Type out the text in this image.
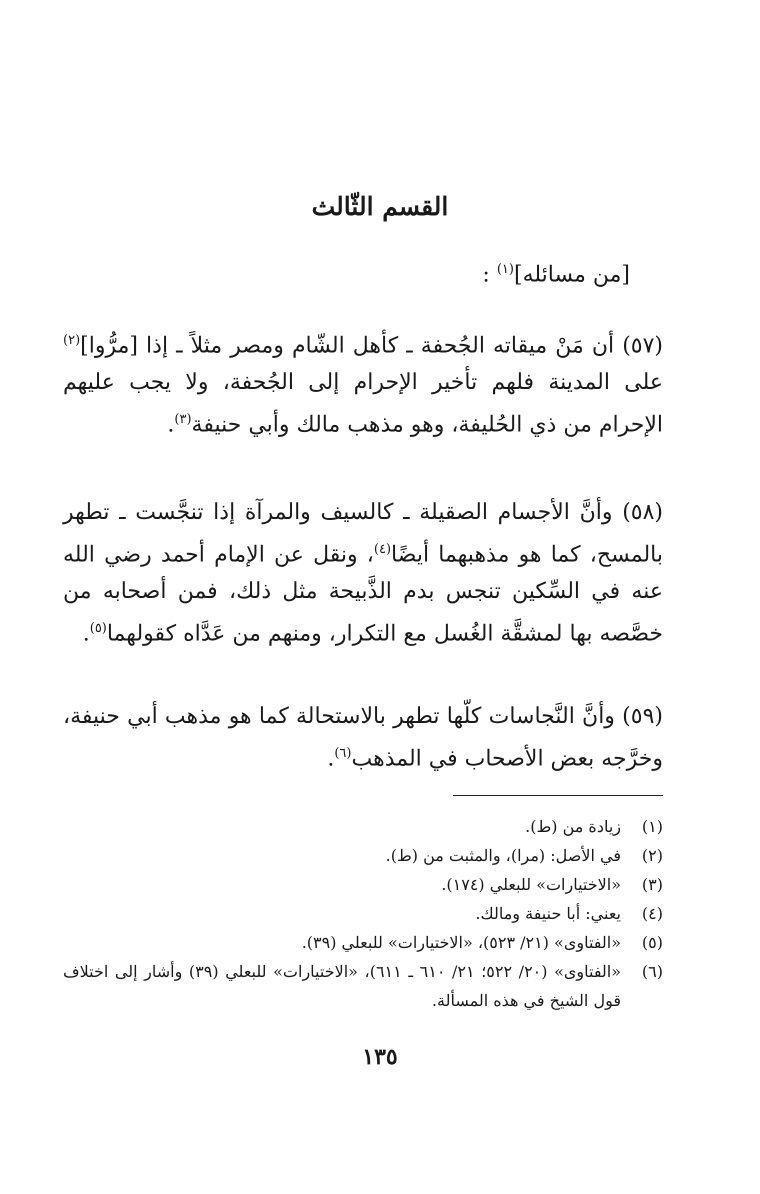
القسم الثّالث
[من مسائله]$^{(١)}$ :
(٥٧) أن مَنْ ميقاته الجُحفة ـ كأهل الشّام ومصر مثلاً ـ إذا [مرُّوا]$^{(٢)}$ على المدينة فلهم تأخير الإحرام إلى الجُحفة، ولا يجب عليهم الإحرام من ذي الحُليفة، وهو مذهب مالك وأبي حنيفة$^{(٣)}$.
(٥٨) وأنَّ الأجسام الصقيلة ـ كالسيف والمرآة إذا تنجَّست ـ تطهر بالمسح، كما هو مذهبهما أيضًا$^{(٤)}$، ونقل عن الإمام أحمد رضي الله عنه في السِّكين تنجس بدم الذَّبيحة مثل ذلك، فمن أصحابه من خصَّصه بها لمشقَّة الغُسل مع التكرار، ومنهم من عَدَّاه كقولهما$^{(٥)}$.
(٥٩) وأنَّ النَّجاسات كلّها تطهر بالاستحالة كما هو مذهب أبي حنيفة، وخرَّجه بعض الأصحاب في المذهب$^{(٦)}$.
(١)
زيادة من (ط).
(٢)
في الأصل: (مرا)، والمثبت من (ط).
(٣)
«الاختيارات» للبعلي (١٧٤).
(٤)
يعني: أبا حنيفة ومالك.
(٥)
«الفتاوى» (٢١/ ٥٢٣)، «الاختيارات» للبعلي (٣٩).
(٦)
«الفتاوى» (٢٠/ ٥٢٢؛ ٢١/ ٦١٠ ـ ٦١١)، «الاختيارات» للبعلي (٣٩) وأشار إلى اختلاف قول الشيخ في هذه المسألة.
١٣٥
